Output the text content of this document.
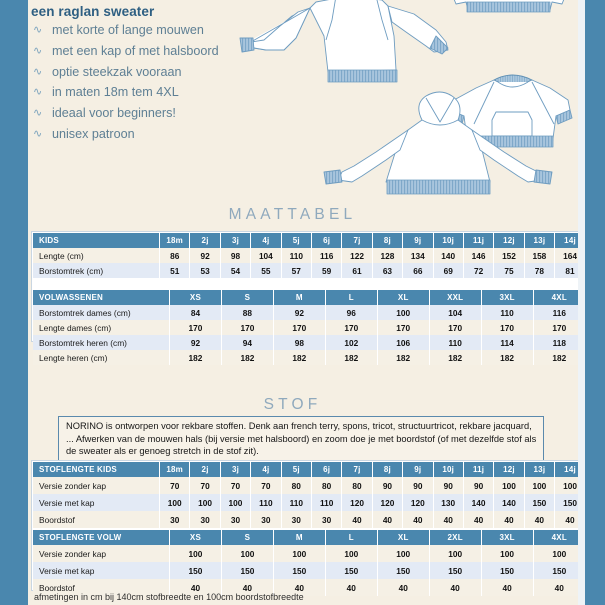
een raglan sweater
∿ met korte of lange mouwen
∿ met een kap of met halsboord
∿ optie steekzak vooraan
∿ in maten 18m tem 4XL
∿ ideaal voor beginners!
∿ unisex patroon
MAATTABEL
KIDS	18m	2j	3j	4j	5j	6j	7j	8j	9j	10j	11j	12j	13j	14j
Lengte (cm)	86	92	98	104	110	116	122	128	134	140	146	152	158	164
Borstomtrek (cm)	51	53	54	55	57	59	61	63	66	69	72	75	78	81
VOLWASSENEN	XS	S	M	L	XL	XXL	3XL	4XL
Borstomtrek dames (cm)	84	88	92	96	100	104	110	116
Lengte dames (cm)	170	170	170	170	170	170	170	170
Borstomtrek heren (cm)	92	94	98	102	106	110	114	118
Lengte heren (cm)	182	182	182	182	182	182	182	182
STOF
NORINO is ontworpen voor rekbare stoffen. Denk aan french terry, spons, tricot, structuurtricot, rekbare jacquard, ... Afwerken van de mouwen hals (bij versie met halsboord) en zoom doe je met boordstof (of met dezelfde stof als de sweater als er genoeg stretch in de stof zit).
STOFLENGTE KIDS	18m	2j	3j	4j	5j	6j	7j	8j	9j	10j	11j	12j	13j	14j
Versie zonder kap	70	70	70	70	80	80	80	90	90	90	90	100	100	100
Versie met kap	100	100	100	110	110	110	120	120	120	130	140	140	150	150
Boordstof	30	30	30	30	30	30	40	40	40	40	40	40	40	40
STOFLENGTE VOLW	XS	S	M	L	XL	2XL	3XL	4XL
Versie zonder kap	100	100	100	100	100	100	100	100
Versie met kap	150	150	150	150	150	150	150	150
Boordstof	40	40	40	40	40	40	40	40
afmetingen in cm bij 140cm stofbreedte en 100cm boordstofbreedte
